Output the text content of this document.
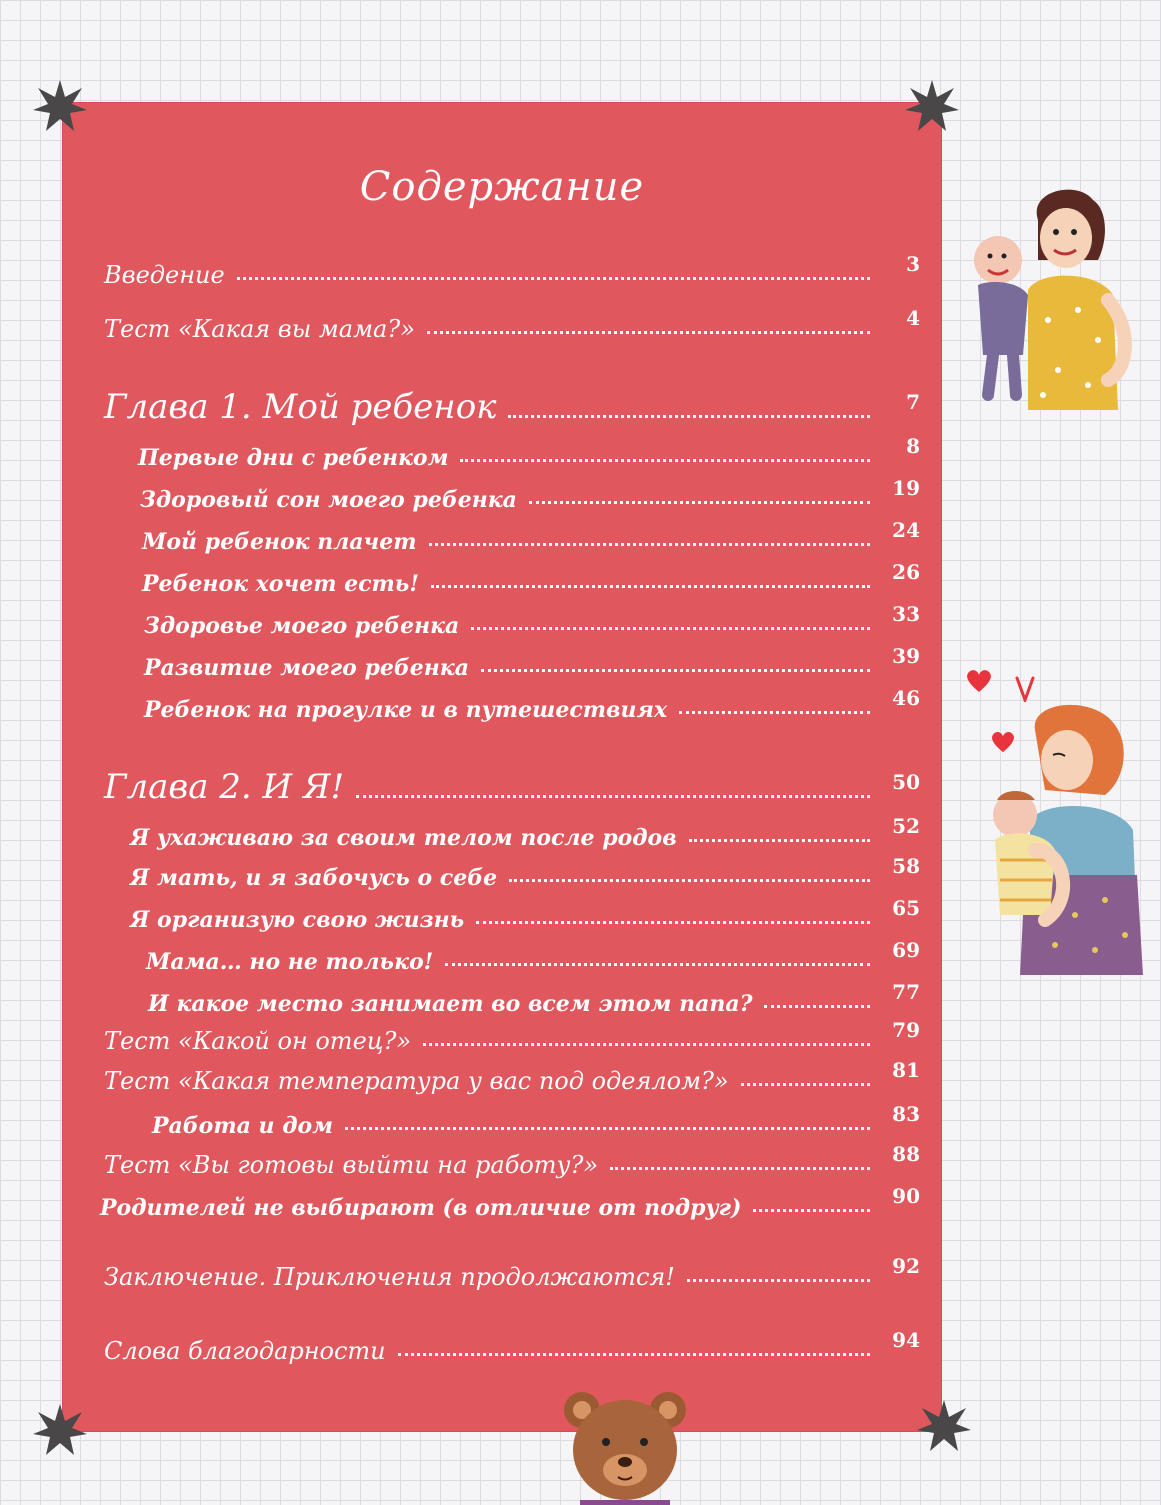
Содержание
Введение	3
Тест «Какая вы мама?»	4
Глава 1. Мой ребенок	7
Первые дни с ребенком	8
Здоровый сон моего ребенка	19
Мой ребенок плачет	24
Ребенок хочет есть!	26
Здоровье моего ребенка	33
Развитие моего ребенка	39
Ребенок на прогулке и в путешествиях	46
Глава 2. И Я!	50
Я ухаживаю за своим телом после родов	52
Я мать, и я забочусь о себе	58
Я организую свою жизнь	65
Мама… но не только!	69
И какое место занимает во всем этом папа?	77
Тест «Какой он отец?»	79
Тест «Какая температура у вас под одеялом?»	81
Работа и дом	83
Тест «Вы готовы выйти на работу?»	88
Родителей не выбирают (в отличие от подруг)	90
Заключение. Приключения продолжаются!	92
Слова благодарности	94
